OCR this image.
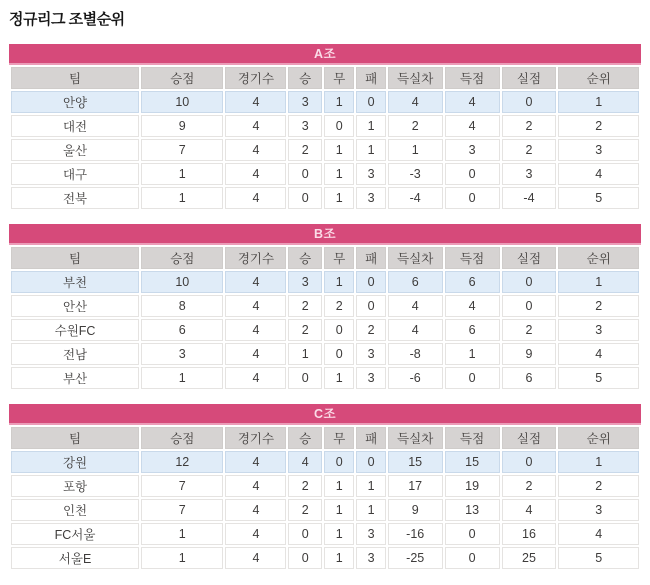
정규리그 조별순위
A조
팀	승점	경기수	승	무	패	득실차	득점	실점	순위
안양	10	4	3	1	0	4	4	0	1
대전	9	4	3	0	1	2	4	2	2
울산	7	4	2	1	1	1	3	2	3
대구	1	4	0	1	3	-3	0	3	4
전북	1	4	0	1	3	-4	0	-4	5
B조
팀	승점	경기수	승	무	패	득실차	득점	실점	순위
부천	10	4	3	1	0	6	6	0	1
안산	8	4	2	2	0	4	4	0	2
수원FC	6	4	2	0	2	4	6	2	3
전남	3	4	1	0	3	-8	1	9	4
부산	1	4	0	1	3	-6	0	6	5
C조
팀	승점	경기수	승	무	패	득실차	득점	실점	순위
강원	12	4	4	0	0	15	15	0	1
포항	7	4	2	1	1	17	19	2	2
인천	7	4	2	1	1	9	13	4	3
FC서울	1	4	0	1	3	-16	0	16	4
서울E	1	4	0	1	3	-25	0	25	5
